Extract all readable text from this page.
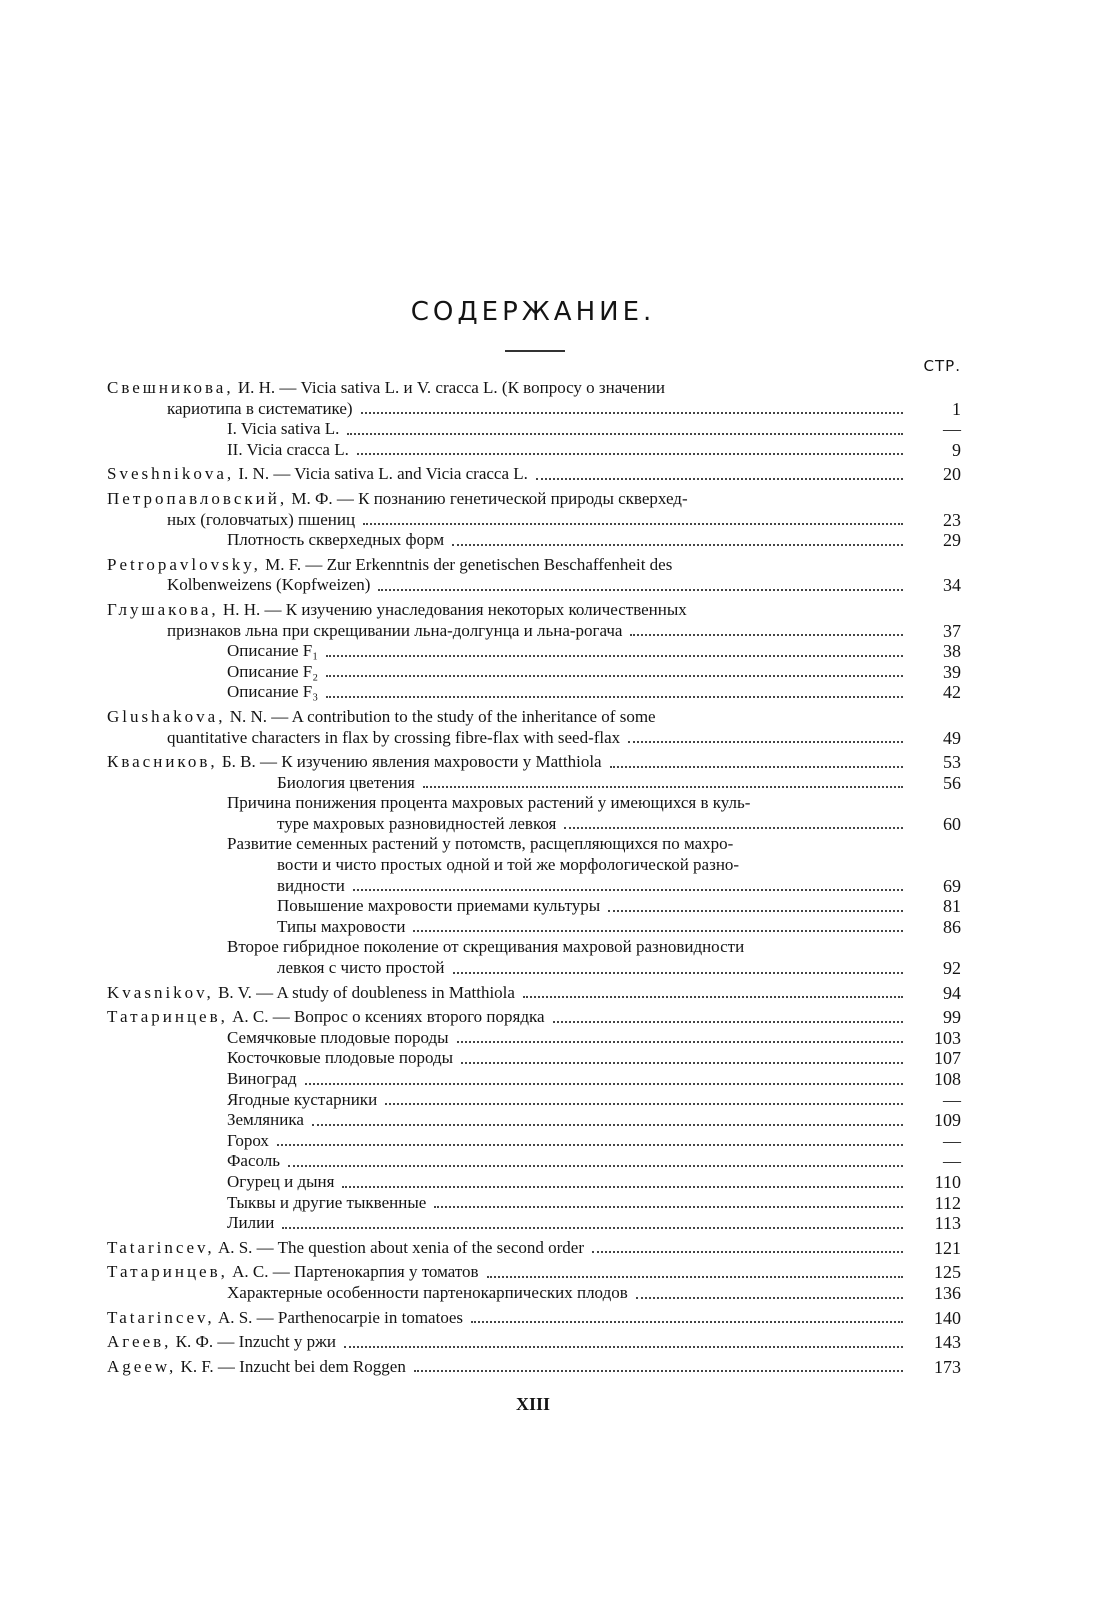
СОДЕРЖАНИЕ.
СТР.
Свешникова, И. Н. — Vicia sativa L. и V. cracca L. (К вопросу о значении
кариотипа в систематике)	1
I. Vicia sativa L.	—
II. Vicia cracca L.	9
Sveshnikova, I. N. — Vicia sativa L. and Vicia cracca L.	20
Петропавловский, М. Ф. — К познанию генетической природы скверхед-
ных (головчатых) пшениц	23
Плотность скверхедных форм	29
Petropavlovsky, M. F. — Zur Erkenntnis der genetischen Beschaffenheit des
Kolbenweizens (Kopfweizen)	34
Глушакова, Н. Н. — К изучению унаследования некоторых количественных
признаков льна при скрещивании льна-долгунца и льна-рогача	37
Описание F₁	38
Описание F₂	39
Описание F₃	42
Glushakova, N. N. — A contribution to the study of the inheritance of some
quantitative characters in flax by crossing fibre-flax with seed-flax	49
Квасников, Б. В. — К изучению явления махровости у Matthiola	53
Биология цветения	56
Причина понижения процента махровых растений у имеющихся в куль-
туре махровых разновидностей левкоя	60
Развитие семенных растений у потомств, расщепляющихся по махро-
вости и чисто простых одной и той же морфологической разно-
видности	69
Повышение махровости приемами культуры	81
Типы махровости	86
Второе гибридное поколение от скрещивания махровой разновидности
левкоя с чисто простой	92
Kvasnikov, B. V. — A study of doubleness in Matthiola	94
Татаринцев, А. С. — Вопрос о ксениях второго порядка	99
Семячковые плодовые породы	103
Косточковые плодовые породы	107
Виноград	108
Ягодные кустарники	—
Земляника	109
Горох	—
Фасоль	—
Огурец и дыня	110
Тыквы и другие тыквенные	112
Лилии	113
Tatarincev, A. S. — The question about xenia of the second order	121
Татаринцев, А. С. — Партенокарпия у томатов	125
Характерные особенности партенокарпических плодов	136
Tatarincev, A. S. — Parthenocarpie in tomatoes	140
Агеев, К. Ф. — Inzucht у ржи	143
Ageew, K. F. — Inzucht bei dem Roggen	173
XIII
